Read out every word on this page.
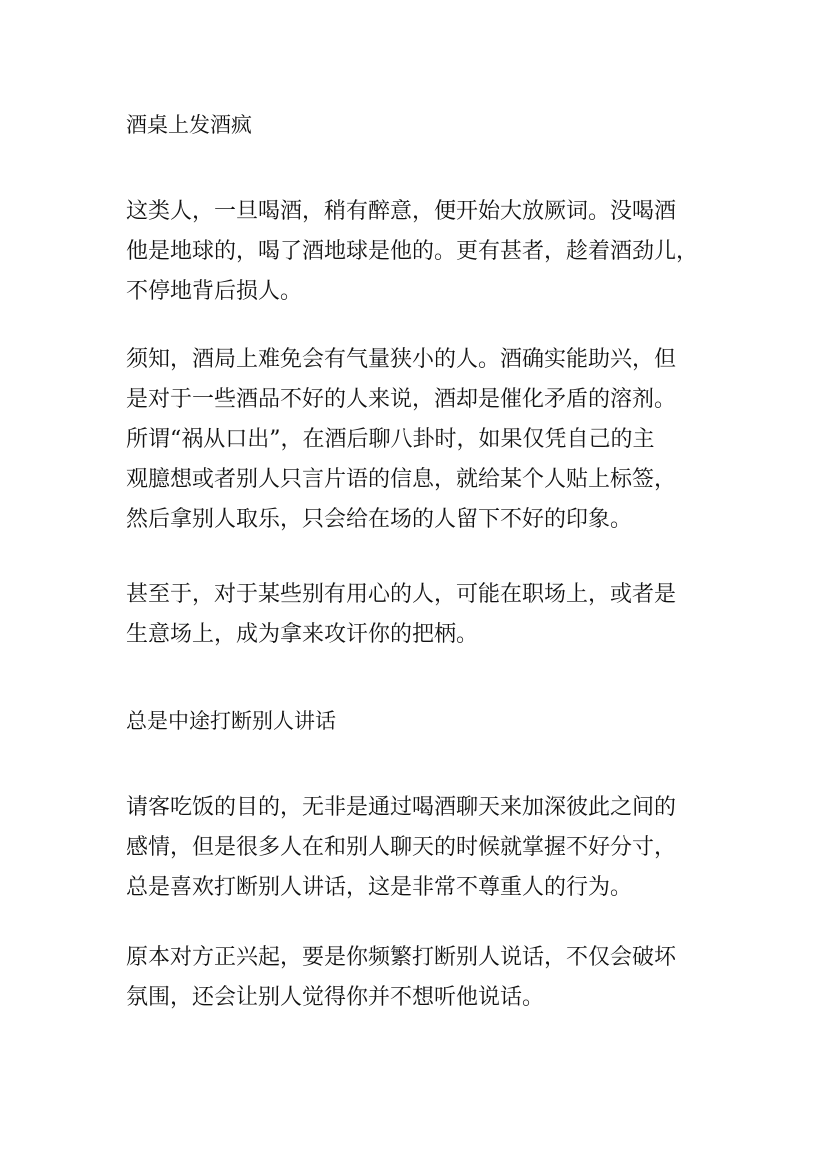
酒桌上发酒疯
这类人，一旦喝酒，稍有醉意，便开始大放厥词。没喝酒
他是地球的，喝了酒地球是他的。更有甚者，趁着酒劲儿，
不停地背后损人。
须知，酒局上难免会有气量狭小的人。酒确实能助兴，但
是对于一些酒品不好的人来说，酒却是催化矛盾的溶剂。
所谓“祸从口出”，在酒后聊八卦时，如果仅凭自己的主
观臆想或者别人只言片语的信息，就给某个人贴上标签，
然后拿别人取乐，只会给在场的人留下不好的印象。
甚至于，对于某些别有用心的人，可能在职场上，或者是
生意场上，成为拿来攻讦你的把柄。
总是中途打断别人讲话
请客吃饭的目的，无非是通过喝酒聊天来加深彼此之间的
感情，但是很多人在和别人聊天的时候就掌握不好分寸，
总是喜欢打断别人讲话，这是非常不尊重人的行为。
原本对方正兴起，要是你频繁打断别人说话，不仅会破坏
氛围，还会让别人觉得你并不想听他说话。
